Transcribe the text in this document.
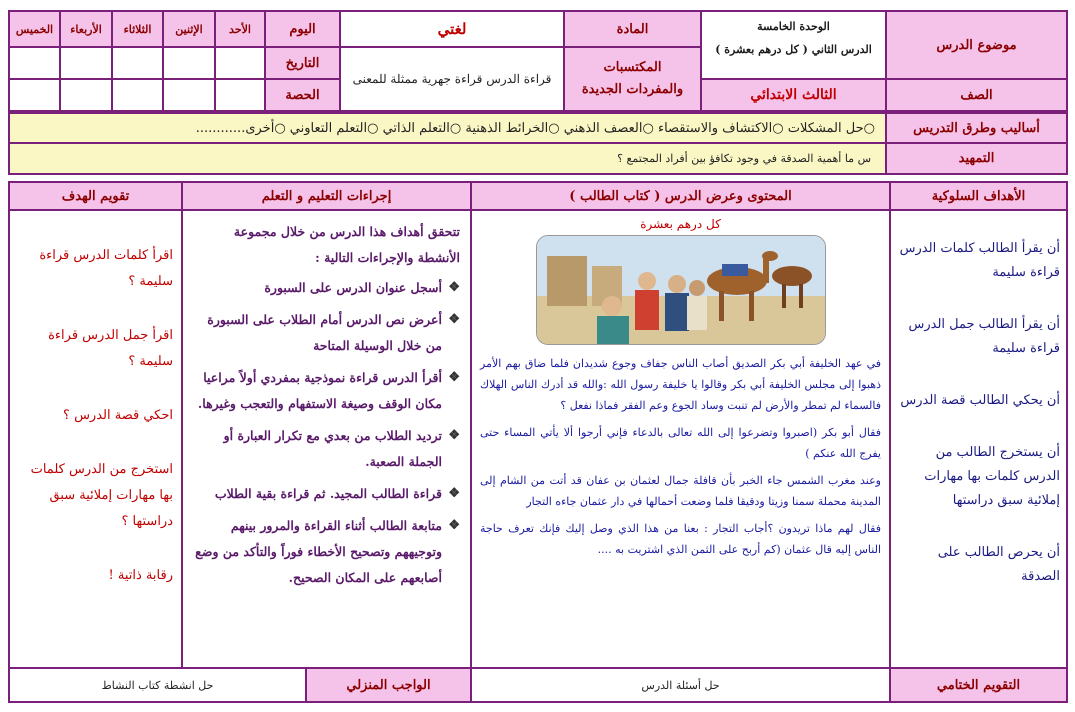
موضوع الدرس
الوحدة الخامسة
الدرس الثاني ( كل درهم بعشرة )
المادة
لغتي
اليوم
الأحد
الإثنين
الثلاثاء
الأربعاء
الخميس
المكتسبات والمفردات الجديدة
قراءة الدرس قراءة جهرية ممثلة للمعنى
التاريخ
الصف
الثالث الابتدائي
الحصة
أساليب وطرق التدريس
○حل المشكلات ○الاكتشاف والاستقصاء ○العصف الذهني ○الخرائط الذهنية ○التعلم الذاتي ○التعلم التعاوني ○أخرى............
التمهيد
س ما أهمية الصدقة في وجود تكافؤ بين أفراد المجتمع ؟
الأهداف السلوكية
المحتوى وعرض الدرس ( كتاب الطالب )
إجراءات التعليم و التعلم
تقويم الهدف

أن يقرأ الطالب كلمات الدرس قراءة سليمة

أن يقرأ الطالب جمل الدرس قراءة سليمة

أن يحكي الطالب قصة الدرس

أن يستخرج الطالب من الدرس كلمات بها مهارات إملائية سبق دراستها

أن يحرص الطالب على الصدقة

كل درهم بعشرة

في عهد الخليفة أبي بكر الصديق أصاب الناس جفاف وجوع شديدان فلما ضاق بهم الأمر ذهبوا إلى مجلس الخليفة أبي بكر وقالوا يا خليفة رسول الله :والله قد أدرك الناس الهلاك فالسماء لم تمطر والأرض لم تنبت وساد الجوع وعم الفقر فماذا نفعل ؟

فقال أبو بكر (اصبروا وتضرعوا إلى الله تعالى بالدعاء فإني أرجوا ألا يأتي المساء حتى يفرج الله عنكم )

وعند مغرب الشمس جاء الخبر بأن قافلة جمال لعثمان بن عفان قد أتت من الشام إلى المدينة محملة سمنا وزيتا ودقيقا فلما وضعت أحمالها في دار عثمان جاءه التجار

فقال لهم ماذا تريدون ؟أجاب التجار : بعنا من هذا الذي وصل إليك فإنك تعرف حاجة الناس إليه قال عثمان (كم أربح على الثمن الذي اشتريت به ....

تتحقق أهداف هذا الدرس من خلال مجموعة الأنشطة والإجراءات التالية :
❖
أسجل عنوان الدرس على السبورة
❖
أعرض نص الدرس أمام الطلاب على السبورة من خلال الوسيلة المتاحة
❖
أقرأ الدرس قراءة نموذجية بمفردي أولاً مراعيا مكان الوقف وصيغة الاستفهام والتعجب وغيرها.
❖
ترديد الطلاب من بعدي مع تكرار العبارة أو الجملة الصعبة.
❖
قراءة الطالب المجيد. ثم قراءة بقية الطلاب
❖
متابعة الطالب أثناء القراءة والمرور بينهم وتوجيههم وتصحيح الأخطاء فوراً والتأكد من وضع أصابعهم على المكان الصحيح.

اقرأ كلمات الدرس قراءة سليمة ؟

اقرأ جمل الدرس قراءة سليمة ؟

احكي قصة الدرس ؟

استخرج من الدرس كلمات بها مهارات إملائية سبق دراستها ؟

رقابة ذاتية !

التقويم الختامي
حل أسئلة الدرس
الواجب المنزلي
حل انشطة كتاب النشاط
